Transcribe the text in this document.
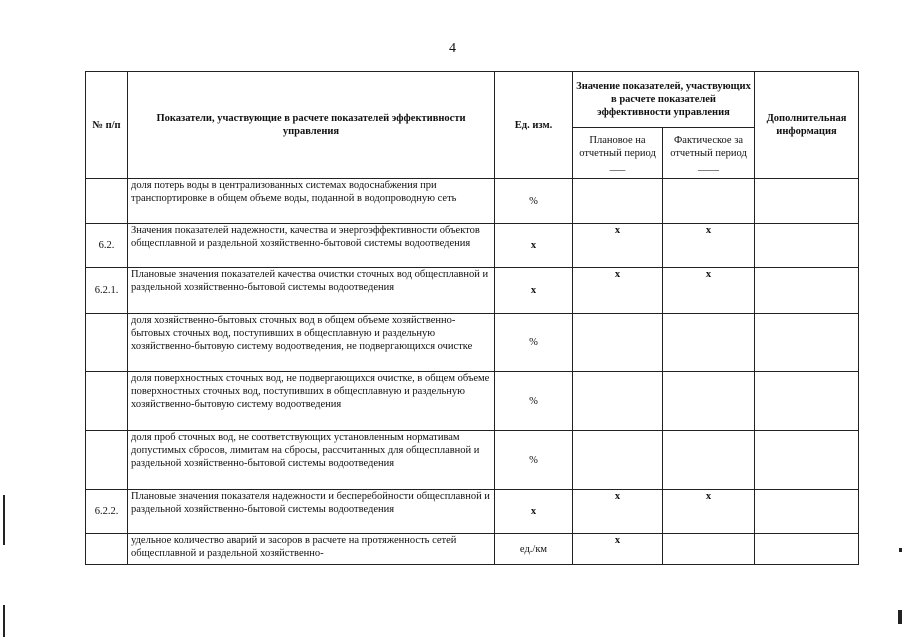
4
№ п/п	Показатели, участвующие в расчете показателей эффективности управления	Ед. изм.	Значение показателей, участвующих в расчете показателей эффективности управления		Дополнительная информация
			Плановое на отчетный период ___	Фактическое за отчетный период ____	
	доля потерь воды в централизованных системах водоснабжения при транспортировке в общем объеме воды, поданной в водопроводную сеть	%			
6.2.	Значения показателей надежности, качества и энергоэффективности объектов общесплавной и раздельной хозяйственно-бытовой системы водоотведения	х	х	х	
6.2.1.	Плановые значения показателей качества очистки сточных вод общесплавной и раздельной хозяйственно-бытовой системы водоотведения	х	х	х	
	доля хозяйственно-бытовых сточных вод в общем объеме хозяйственно-бытовых сточных вод, поступивших в общесплавную и раздельную хозяйственно-бытовую систему водоотведения, не подвергающихся очистке	%			
	доля поверхностных сточных вод, не подвергающихся очистке, в общем объеме поверхностных сточных вод, поступивших в общесплавную и раздельную хозяйственно-бытовую систему водоотведения	%			
	доля проб сточных вод, не соответствующих установленным нормативам допустимых сбросов, лимитам на сбросы, рассчитанных для общесплавной и раздельной хозяйственно-бытовой системы водоотведения	%			
6.2.2.	Плановые значения показателя надежности и бесперебойности общесплавной и раздельной хозяйственно-бытовой системы водоотведения	х	х	х	
	удельное количество аварий и засоров в расчете на протяженность сетей общесплавной и раздельной хозяйственно-	ед./км	х		
